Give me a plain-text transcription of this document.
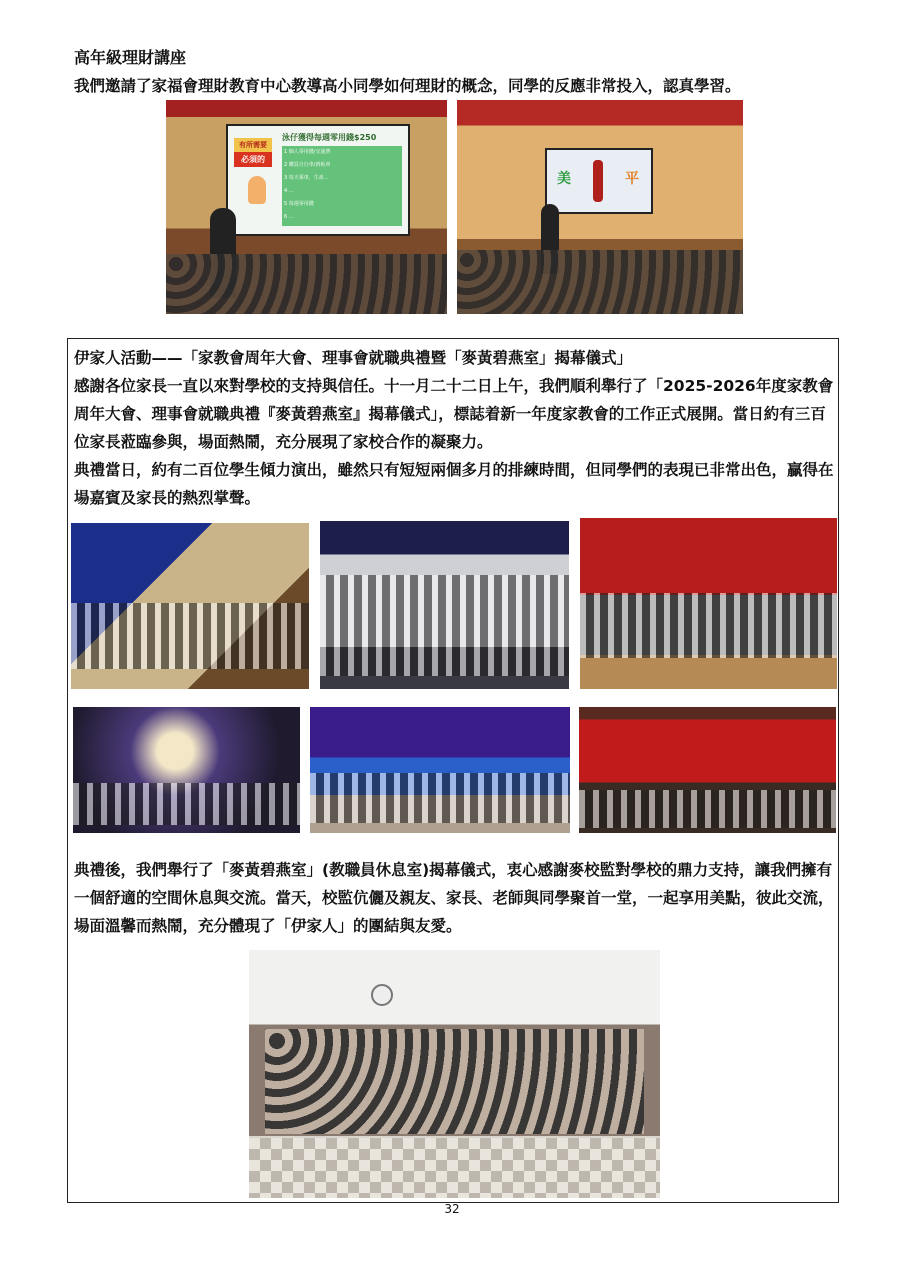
高年級理財講座
我們邀請了家福會理財教育中心教導高小同學如何理財的概念，同學的反應非常投入，認真學習。
有所需要
必須的
泳仔獲得每週零用錢$250
1 個人零用錢/交通費
2 購買自行車/滑板車
3 每天乘車，生產…
4 …
5 每週零用錢
6 …
美	平
伊家人活動——「家教會周年大會、理事會就職典禮暨「麥黃碧燕室」揭幕儀式」
感謝各位家長一直以來對學校的支持與信任。十一月二十二日上午，我們順利舉行了「2025-2026年度家教會周年大會、理事會就職典禮『麥黃碧燕室』揭幕儀式」，標誌着新一年度家教會的工作正式展開。當日約有三百位家長蒞臨參與，場面熱鬧，充分展現了家校合作的凝聚力。
典禮當日，約有二百位學生傾力演出，雖然只有短短兩個多月的排練時間，但同學們的表現已非常出色，贏得在場嘉賓及家長的熱烈掌聲。
典禮後，我們舉行了「麥黃碧燕室」(教職員休息室)揭幕儀式，衷心感謝麥校監對學校的鼎力支持，讓我們擁有一個舒適的空間休息與交流。當天，校監伉儷及親友、家長、老師與同學聚首一堂，一起享用美點，彼此交流，場面溫馨而熱鬧，充分體現了「伊家人」的團結與友愛。
32
